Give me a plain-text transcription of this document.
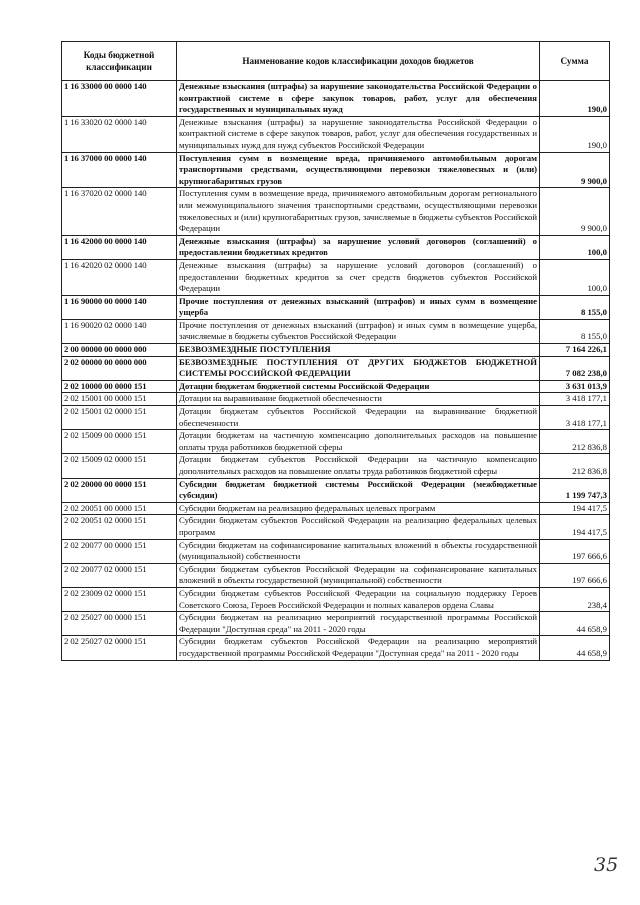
Коды бюджетной классификации	Наименование кодов классификации доходов бюджетов	Сумма
1 16 33000 00 0000 140	Денежные взыскания (штрафы) за нарушение законодательства Российской Федерации о контрактной системе в сфере закупок товаров, работ, услуг для обеспечения государственных и муниципальных нужд	190,0
1 16 33020 02 0000 140	Денежные взыскания (штрафы) за нарушение законодательства Российской Федерации о контрактной системе в сфере закупок товаров, работ, услуг для обеспечения государственных и муниципальных нужд для нужд субъектов Российской Федерации	190,0
1 16 37000 00 0000 140	Поступления сумм в возмещение вреда, причиняемого автомобильным дорогам транспортными средствами, осуществляющими перевозки тяжеловесных и (или) крупногабаритных грузов	9 900,0
1 16 37020 02 0000 140	Поступления сумм в возмещение вреда, причиняемого автомобильным дорогам регионального или межмуниципального значения транспортными средствами, осуществляющими перевозки тяжеловесных и (или) крупногабаритных грузов, зачисляемые в бюджеты субъектов Российской Федерации	9 900,0
1 16 42000 00 0000 140	Денежные взыскания (штрафы) за нарушение условий договоров (соглашений) о предоставлении бюджетных кредитов	100,0
1 16 42020 02 0000 140	Денежные взыскания (штрафы) за нарушение условий договоров (соглашений) о предоставлении бюджетных кредитов за счет средств бюджетов субъектов Российской Федерации	100,0
1 16 90000 00 0000 140	Прочие поступления от денежных взысканий (штрафов) и иных сумм в возмещение ущерба	8 155,0
1 16 90020 02 0000 140	Прочие поступления от денежных взысканий (штрафов) и иных сумм в возмещение ущерба, зачисляемые в бюджеты субъектов Российской Федерации	8 155,0
2 00 00000 00 0000 000	БЕЗВОЗМЕЗДНЫЕ ПОСТУПЛЕНИЯ	7 164 226,1
2 02 00000 00 0000 000	БЕЗВОЗМЕЗДНЫЕ ПОСТУПЛЕНИЯ ОТ ДРУГИХ БЮДЖЕТОВ БЮДЖЕТНОЙ СИСТЕМЫ РОССИЙСКОЙ ФЕДЕРАЦИИ	7 082 238,0
2 02 10000 00 0000 151	Дотации бюджетам бюджетной системы Российской Федерации	3 631 013,9
2 02 15001 00 0000 151	Дотации на выравнивание бюджетной обеспеченности	3 418 177,1
2 02 15001 02 0000 151	Дотации бюджетам субъектов Российской Федерации на выравнивание бюджетной обеспеченности	3 418 177,1
2 02 15009 00 0000 151	Дотации бюджетам на частичную компенсацию дополнительных расходов на повышение оплаты труда работников бюджетной сферы	212 836,8
2 02 15009 02 0000 151	Дотации бюджетам субъектов Российской Федерации на частичную компенсацию дополнительных расходов на повышение оплаты труда работников бюджетной сферы	212 836,8
2 02 20000 00 0000 151	Субсидии бюджетам бюджетной системы Российской Федерации (межбюджетные субсидии)	1 199 747,3
2 02 20051 00 0000 151	Субсидии бюджетам на реализацию федеральных целевых программ	194 417,5
2 02 20051 02 0000 151	Субсидии бюджетам субъектов Российской Федерации на реализацию федеральных целевых программ	194 417,5
2 02 20077 00 0000 151	Субсидии бюджетам на софинансирование капитальных вложений в объекты государственной (муниципальной) собственности	197 666,6
2 02 20077 02 0000 151	Субсидии бюджетам субъектов Российской Федерации на софинансирование капитальных вложений в объекты государственной (муниципальной) собственности	197 666,6
2 02 23009 02 0000 151	Субсидии бюджетам субъектов Российской Федерации на социальную поддержку Героев Советского Союза, Героев Российской Федерации и полных кавалеров ордена Славы	238,4
2 02 25027 00 0000 151	Субсидии бюджетам на реализацию мероприятий государственной программы Российской Федерации "Доступная среда" на 2011 - 2020 годы	44 658,9
2 02 25027 02 0000 151	Субсидии бюджетам субъектов Российской Федерации на реализацию мероприятий государственной программы Российской Федерации "Доступная среда" на 2011 - 2020 годы	44 658,9
35
